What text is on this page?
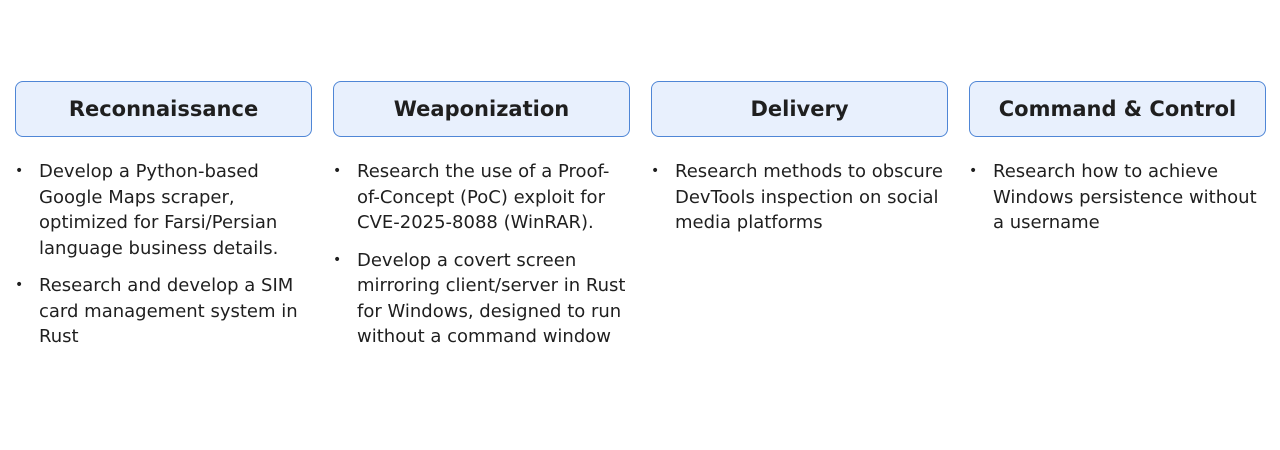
Reconnaissance
• Develop a Python-based Google Maps scraper, optimized for Farsi/Persian language business details.
• Research and develop a SIM card management system in Rust
Weaponization
• Research the use of a Proof-of-Concept (PoC) exploit for CVE-2025-8088 (WinRAR).
• Develop a covert screen mirroring client/server in Rust for Windows, designed to run without a command window
Delivery
• Research methods to obscure DevTools inspection on social media platforms
Command & Control
• Research how to achieve Windows persistence without a username
